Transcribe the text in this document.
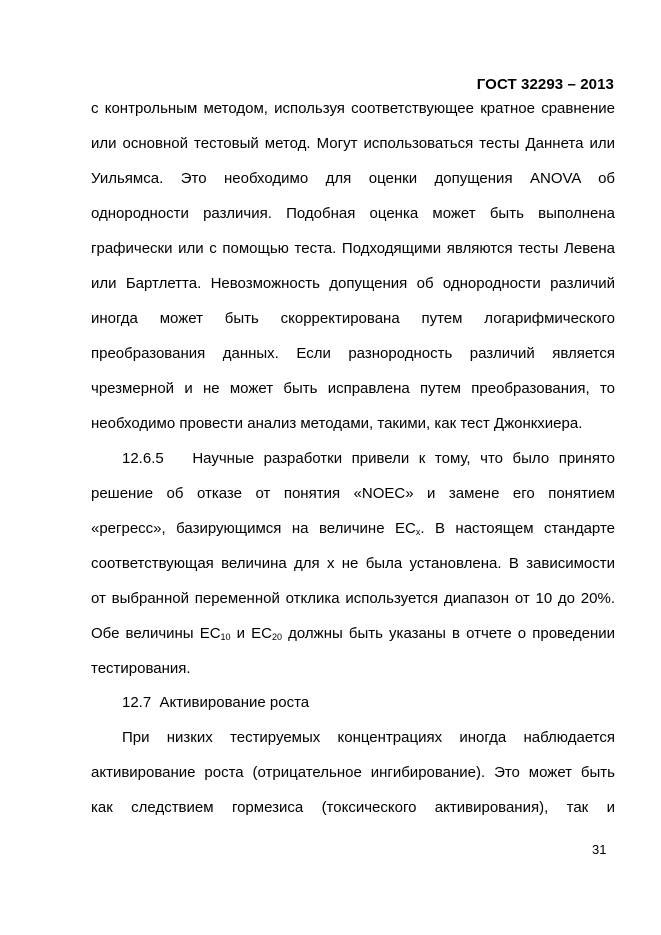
ГОСТ 32293 – 2013
с контрольным методом, используя соответствующее кратное сравнение
или основной тестовый метод. Могут использоваться тесты Даннета или
Уильямса. Это необходимо для оценки допущения ANOVA об
однородности различия. Подобная оценка может быть выполнена
графически или с помощью теста. Подходящими являются тесты Левена
или Бартлетта. Невозможность допущения об однородности различий
иногда может быть скорректирована путем логарифмического
преобразования данных. Если разнородность различий является
чрезмерной и не может быть исправлена путем преобразования, то
необходимо провести анализ методами, такими, как тест Джонкхиера.
12.6.5 Научные разработки привели к тому, что было принято
решение об отказе от понятия «NOEC» и замене его понятием
«регресс», базирующимся на величине $EC_x$. В настоящем стандарте
соответствующая величина для x не была установлена. В зависимости
от выбранной переменной отклика используется диапазон от 10 до 20%.
Обе величины $EC_{10}$ и $EC_{20}$ должны быть указаны в отчете о проведении
тестирования.
12.7 Активирование роста
При низких тестируемых концентрациях иногда наблюдается
активирование роста (отрицательное ингибирование). Это может быть
как следствием гормезиса (токсического активирования), так и
31
